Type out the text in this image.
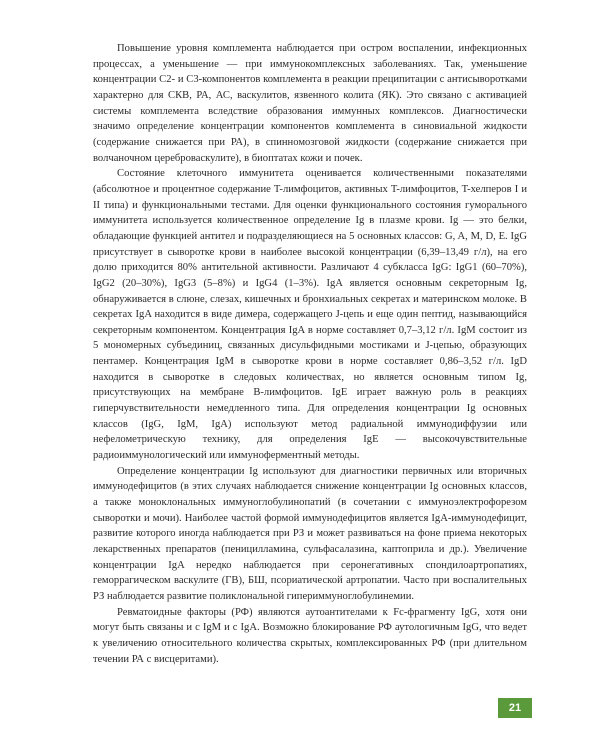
Повышение уровня комплемента наблюдается при остром воспалении, инфекционных процессах, а уменьшение — при иммунокомплексных заболеваниях. Так, уменьшение концентрации C2- и C3-компонентов комплемента в реакции преципитации с антисыворотками характерно для СКВ, РА, АС, васкулитов, язвенного колита (ЯК). Это связано с активацией системы комплемента вследствие образования иммунных комплексов. Диагностически значимо определение концентрации компонентов комплемента в синовиальной жидкости (содержание снижается при РА), в спинномозговой жидкости (содержание снижается при волчаночном цереброваскулите), в биоптатах кожи и почек.

Состояние клеточного иммунитета оценивается количественными показателями (абсолютное и процентное содержание T-лимфоцитов, активных T-лимфоцитов, T-хелперов I и II типа) и функциональными тестами. Для оценки функционального состояния гуморального иммунитета используется количественное определение Ig в плазме крови. Ig — это белки, обладающие функцией антител и подразделяющиеся на 5 основных классов: G, A, M, D, E. IgG присутствует в сыворотке крови в наиболее высокой концентрации (6,39–13,49 г/л), на его долю приходится 80% антительной активности. Различают 4 субкласса IgG: IgG1 (60–70%), IgG2 (20–30%), IgG3 (5–8%) и IgG4 (1–3%). IgA является основным секреторным Ig, обнаруживается в слюне, слезах, кишечных и бронхиальных секретах и материнском молоке. В секретах IgA находится в виде димера, содержащего J-цепь и еще один пептид, называющийся секреторным компонентом. Концентрация IgA в норме составляет 0,7–3,12 г/л. IgM состоит из 5 мономерных субъединиц, связанных дисульфидными мостиками и J-цепью, образующих пентамер. Концентрация IgM в сыворотке крови в норме составляет 0,86–3,52 г/л. IgD находится в сыворотке в следовых количествах, но является основным типом Ig, присутствующих на мембране B-лимфоцитов. IgE играет важную роль в реакциях гиперчувствительности немедленного типа. Для определения концентрации Ig основных классов (IgG, IgM, IgA) используют метод радиальной иммунодиффузии или нефелометрическую технику, для определения IgE — высокочувствительные радиоиммунологический или иммуноферментный методы.

Определение концентрации Ig используют для диагностики первичных или вторичных иммунодефицитов (в этих случаях наблюдается снижение концентрации Ig основных классов, а также моноклональных иммуноглобулинопатий (в сочетании с иммуноэлектрофорезом сыворотки и мочи). Наиболее частой формой иммунодефицитов является IgA-иммунодефицит, развитие которого иногда наблюдается при РЗ и может развиваться на фоне приема некоторых лекарственных препаратов (пеницилламина, сульфасалазина, каптоприла и др.). Увеличение концентрации IgA нередко наблюдается при серонегативных спондилоартропатиях, геморрагическом васкулите (ГВ), БШ, псориатической артропатии. Часто при воспалительных РЗ наблюдается развитие поликлональной гипериммуноглобулинемии.

Ревматоидные факторы (РФ) являются аутоантителами к Fc-фрагменту IgG, хотя они могут быть связаны и с IgM и с IgA. Возможно блокирование РФ аутологичным IgG, что ведет к увеличению относительного количества скрытых, комплексированных РФ (при длительном течении РА с висцеритами).

21
